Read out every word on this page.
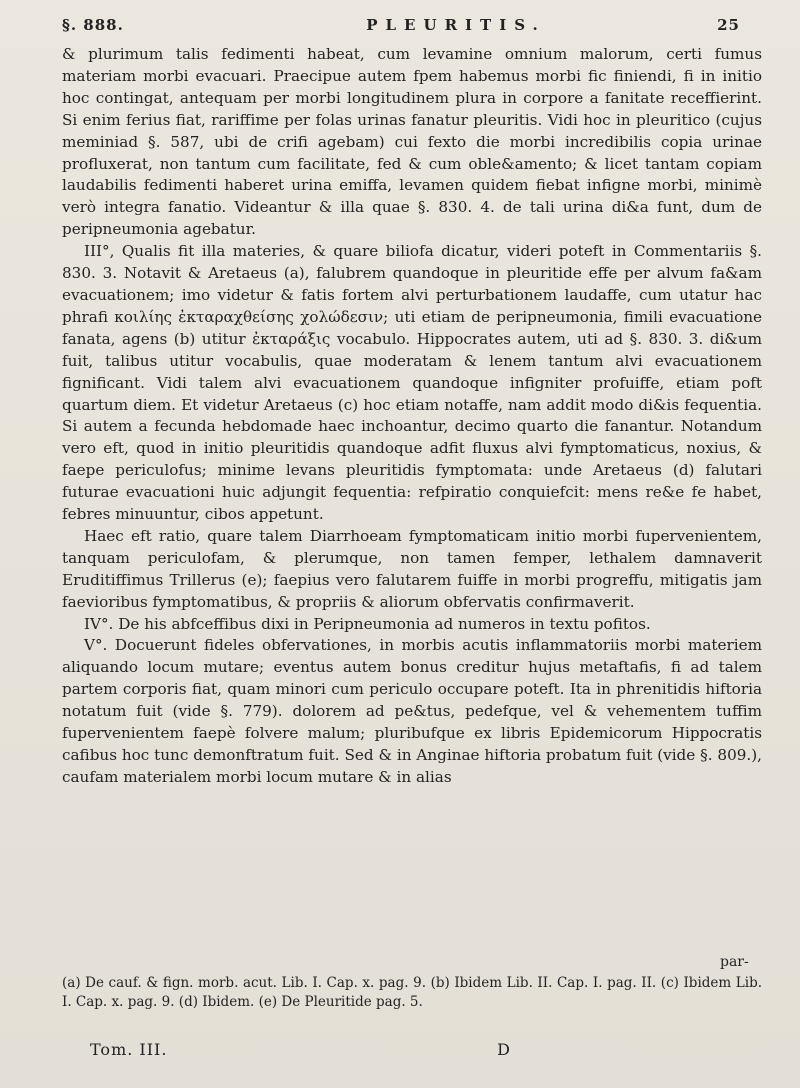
§. 888.	PLEURITIS.	25

& plurimum talis fedimenti habeat, cum levamine omnium malorum, certi fumus materiam morbi evacuari. Praecipue autem fpem habemus morbi fic finiendi, fi in initio hoc contingat, antequam per morbi longitudinem plura in corpore a fanitate receffierint. Si enim ferius fiat, rariffime per folas urinas fanatur pleuritis. Vidi hoc in pleuritico (cujus meminiad §. 587, ubi de crifi agebam) cui fexto die morbi incredibilis copia urinae profluxerat, non tantum cum facilitate, fed & cum oble&amento; & licet tantam copiam laudabilis fedimenti haberet urina emiffa, levamen quidem fiebat infigne morbi, minimè verò integra fanatio. Videantur & illa quae §. 830. 4. de tali urina di&a funt, dum de peripneumonia agebatur.

III°, Qualis fit illa materies, & quare biliofa dicatur, videri poteft in Commentariis §. 830. 3. Notavit & Aretaeus (a), falubrem quandoque in pleuritide effe per alvum fa&am evacuationem; imo videtur & fatis fortem alvi perturbationem laudaffe, cum utatur hac phrafi κοιλίης ἐκταραχθείσης χολώδεσιν; uti etiam de peripneumonia, fimili evacuatione fanata, agens (b) utitur ἐκταράξις vocabulo. Hippocrates autem, uti ad §. 830. 3. di&um fuit, talibus utitur vocabulis, quae moderatam & lenem tantum alvi evacuationem fignificant. Vidi talem alvi evacuationem quandoque infigniter profuiffe, etiam poft quartum diem. Et videtur Aretaeus (c) hoc etiam notaffe, nam addit modo di&is fequentia. Si autem a fecunda hebdomade haec inchoantur, decimo quarto die fanantur. Notandum vero eft, quod in initio pleuritidis quandoque adfit fluxus alvi fymptomaticus, noxius, & faepe periculofus; minime levans pleuritidis fymptomata: unde Aretaeus (d) falutari futurae evacuationi huic adjungit fequentia: refpiratio conquiefcit: mens re&e fe habet, febres minuuntur, cibos appetunt.

Haec eft ratio, quare talem Diarrhoeam fymptomaticam initio morbi fupervenientem, tanquam periculofam, & plerumque, non tamen femper, lethalem damnaverit Eruditiffimus Trillerus (e); faepius vero falutarem fuiffe in morbi progreffu, mitigatis jam faevioribus fymptomatibus, & propriis & aliorum obfervatis confirmaverit.

IV°. De his abfceffibus dixi in Peripneumonia ad numeros in textu pofitos.

V°. Docuerunt fideles obfervationes, in morbis acutis inflammatoriis morbi materiem aliquando locum mutare; eventus autem bonus creditur hujus metaftafis, fi ad talem partem corporis fiat, quam minori cum periculo occupare poteft. Ita in phrenitidis hiftoria notatum fuit (vide §. 779). dolorem ad pe&tus, pedefque, vel & vehementem tuffim fupervenientem faepè folvere malum; pluribufque ex libris Epidemicorum Hippocratis cafibus hoc tunc demonftratum fuit. Sed & in Anginae hiftoria probatum fuit (vide §. 809.), caufam materialem morbi locum mutare & in alias

par-

(a) De cauf. & fign. morb. acut. Lib. I. Cap. x. pag. 9. (b) Ibidem Lib. II. Cap. I. pag. II. (c) Ibidem Lib. I. Cap. x. pag. 9. (d) Ibidem. (e) De Pleuritide pag. 5.

Tom. III.	D
